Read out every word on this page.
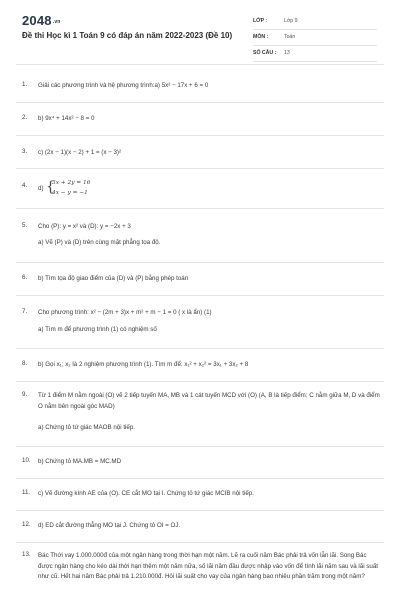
2048.vn
Đề thi Học kì 1 Toán 9 có đáp án năm 2022-2023 (Đề 10)
LỚP :	Lớp 9
MÔN :	Toán
SỐ CÂU : 13
1. Giải các phương trình và hệ phương trình:a) 5x² − 17x + 6 = 0
2. b) 9x⁴ + 14x² − 8 = 0
3. c) (2x − 1)(x − 2) + 1 = (x − 3)²
4. d) {
3x + 2y = 16
4x − y = −1
5. Cho (P): y = x² và (D): y = −2x + 3
a) Vẽ (P) và (D) trên cùng mặt phẳng tọa độ.
6. b) Tìm tọa độ giao điểm của (D) và (P) bằng phép toán
7. Cho phương trình: x² − (2m + 3)x + m² + m − 1 = 0 ( x là ẩn) (1)
a) Tìm m để phương trình (1) có nghiệm số
8. b) Gọi x₁; x₂ là 2 nghiệm phương trình (1). Tìm m để: x₁² + x₂² = 3x₁ + 3x₂ + 8
9. Từ 1 điểm M nằm ngoài (O) vẽ 2 tiếp tuyến MA, MB và 1 cát tuyến MCD với (O) (A, B là tiếp điểm; C nằm giữa M, D và điểm O nằm bên ngoài góc MAD)
a) Chứng tỏ tứ giác MAOB nội tiếp.
10. b) Chứng tỏ MA.MB = MC.MD
11. c) Vẽ đường kính AE của (O). CE cắt MO tại I. Chứng tỏ tứ giác MCIB nội tiếp.
12. d) ED cắt đường thẳng MO tại J. Chứng tỏ OI = OJ.
13. Bác Thới vay 1.000.000đ của một ngân hàng trong thời hạn một năm. Lẽ ra cuối năm Bác phải trả vốn lẫn lãi. Song Bác được ngân hàng cho kéo dài thời hạn thêm một năm nữa, số lãi năm đầu được nhập vào vốn để tính lãi năm sau và lãi suất như cũ. Hết hai năm Bác phải trả 1.210.000đ. Hỏi lãi suất cho vay của ngân hàng bao nhiêu phần trăm trong một năm?
